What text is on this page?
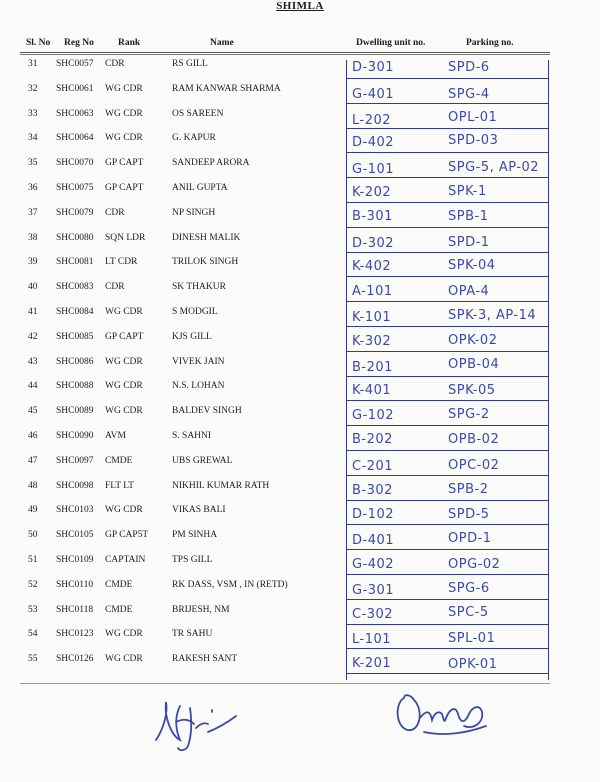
SHIMLA
Sl. No Reg No	Rank	Name	Dwelling unit no.	Parking no.
31 SHC0057 CDR	RS GILL	D-301	SPD-6
32 SHC0061 WG CDR	RAM KANWAR SHARMA	G-401	SPG-4
33 SHC0063 WG CDR	OS SAREEN	L-202	OPL-01
34 SHC0064 WG CDR	G. KAPUR	D-402	SPD-03
35 SHC0070 GP CAPT	SANDEEP ARORA	G-101	SPG-5, AP-02
36 SHC0075 GP CAPT	ANIL GUPTA	K-202	SPK-1
37 SHC0079 CDR	NP SINGH	B-301	SPB-1
38 SHC0080 SQN LDR	DINESH MALIK	D-302	SPD-1
39 SHC0081 LT CDR	TRILOK SINGH	K-402	SPK-04
40 SHC0083 CDR	SK THAKUR	A-101	OPA-4
41 SHC0084 WG CDR	S MODGIL	K-101	SPK-3, AP-14
42 SHC0085 GP CAPT	KJS GILL	K-302	OPK-02
43 SHC0086 WG CDR	VIVEK JAIN	B-201	OPB-04
44 SHC0088 WG CDR	N.S. LOHAN	K-401	SPK-05
45 SHC0089 WG CDR	BALDEV SINGH	G-102	SPG-2
46 SHC0090 AVM	S. SAHNI	B-202	OPB-02
47 SHC0097 CMDE	UBS GREWAL	C-201	OPC-02
48 SHC0098 FLT LT	NIKHIL KUMAR RATH	B-302	SPB-2
49 SHC0103 WG CDR	VIKAS BALI	D-102	SPD-5
50 SHC0105 GP CAP5T	PM SINHA	D-401	OPD-1
51 SHC0109 CAPTAIN	TPS GILL	G-402	OPG-02
52 SHC0110 CMDE	RK DASS, VSM , IN (RETD)	G-301	SPG-6
53 SHC0118 CMDE	BRIJESH, NM	C-302	SPC-5
54 SHC0123 WG CDR	TR SAHU	L-101	SPL-01
55 SHC0126 WG CDR	RAKESH SANT	K-201	OPK-01
